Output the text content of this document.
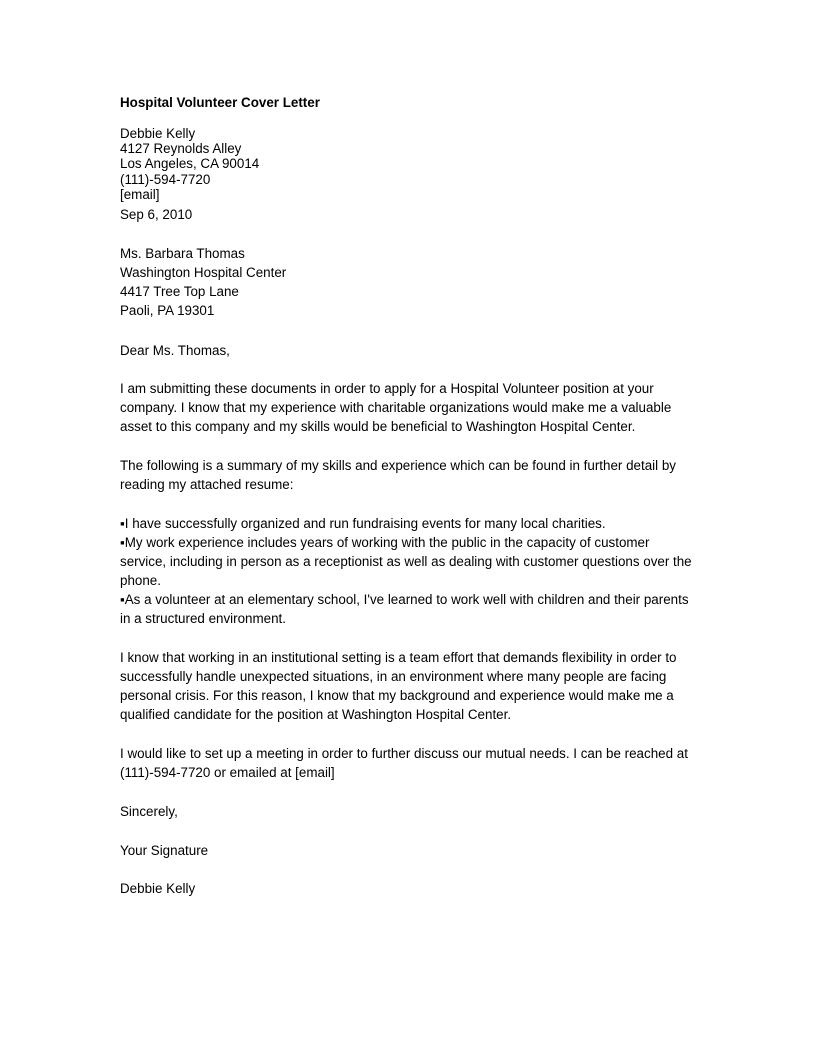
Hospital Volunteer Cover Letter
Debbie Kelly
4127 Reynolds Alley
Los Angeles, CA 90014
(111)-594-7720
[email]
Sep 6, 2010
Ms. Barbara Thomas
Washington Hospital Center
4417 Tree Top Lane
Paoli, PA 19301
Dear Ms. Thomas,
I am submitting these documents in order to apply for a Hospital Volunteer position at your
company. I know that my experience with charitable organizations would make me a valuable
asset to this company and my skills would be beneficial to Washington Hospital Center.
The following is a summary of my skills and experience which can be found in further detail by
reading my attached resume:
▪I have successfully organized and run fundraising events for many local charities.
▪My work experience includes years of working with the public in the capacity of customer
service, including in person as a receptionist as well as dealing with customer questions over the
phone.
▪As a volunteer at an elementary school, I've learned to work well with children and their parents
in a structured environment.
I know that working in an institutional setting is a team effort that demands flexibility in order to
successfully handle unexpected situations, in an environment where many people are facing
personal crisis. For this reason, I know that my background and experience would make me a
qualified candidate for the position at Washington Hospital Center.
I would like to set up a meeting in order to further discuss our mutual needs. I can be reached at
(111)-594-7720 or emailed at [email]
Sincerely,
Your Signature
Debbie Kelly
